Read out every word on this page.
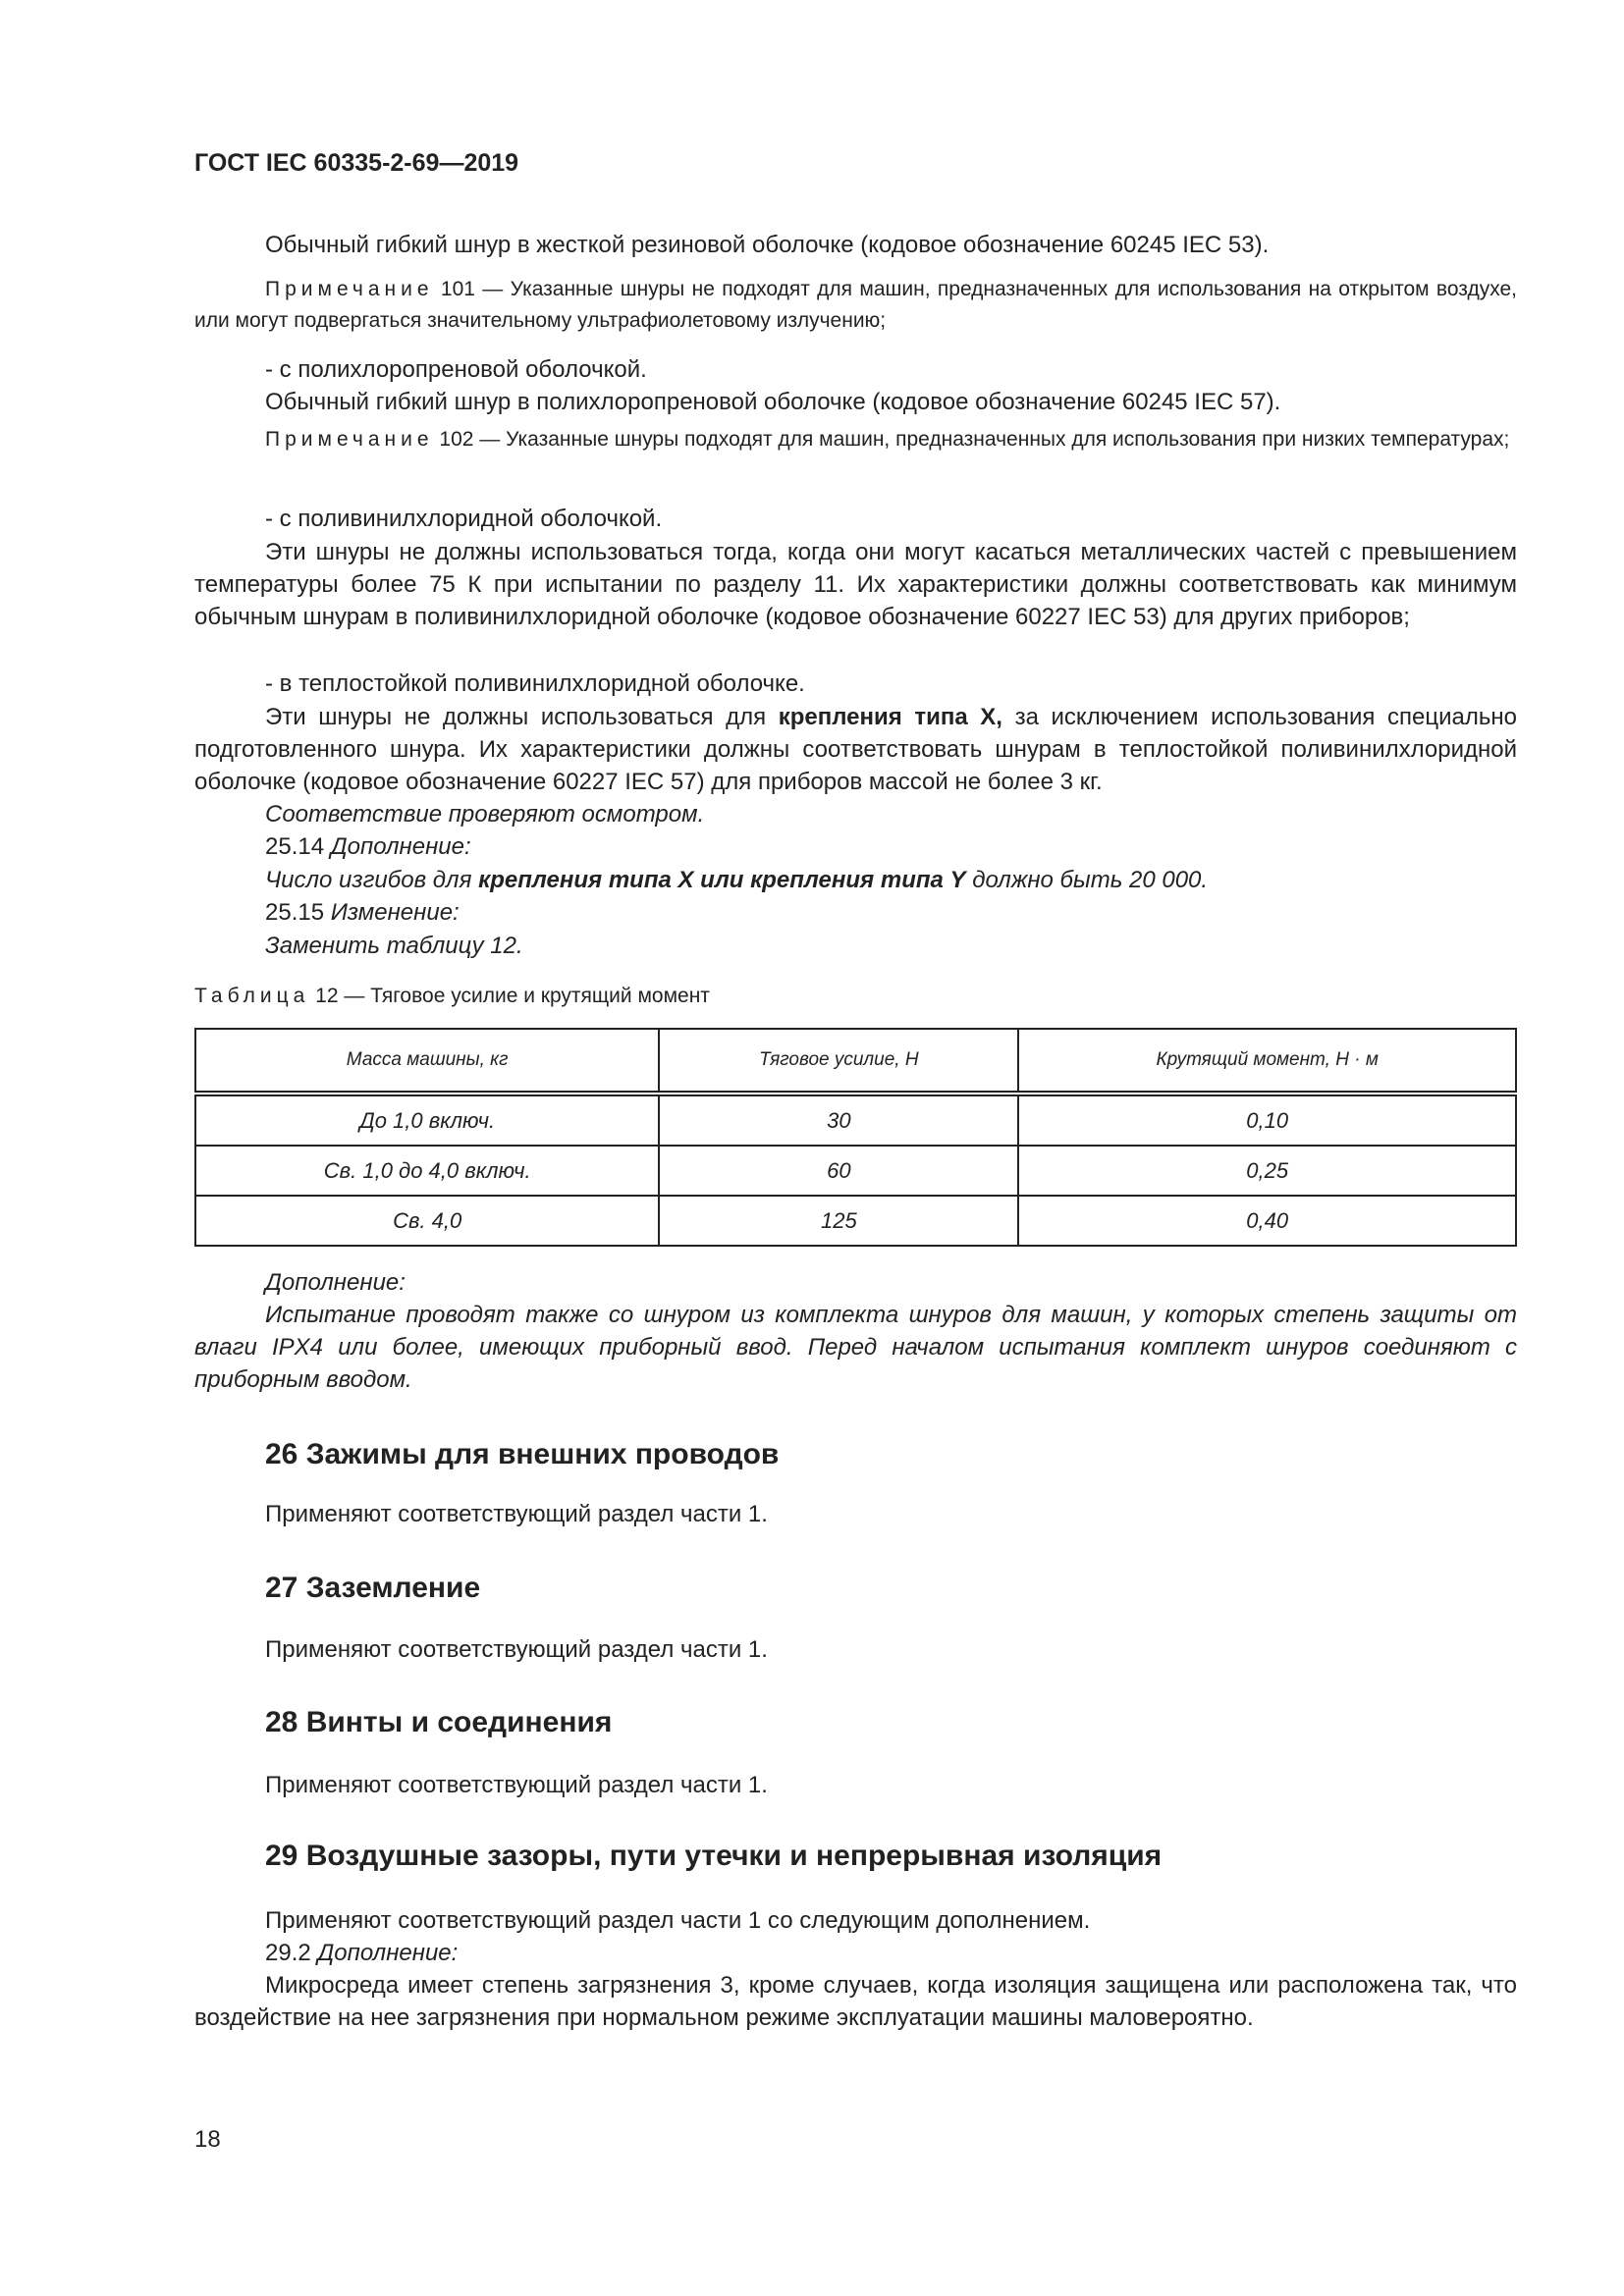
ГОСТ IEC 60335-2-69—2019
Обычный гибкий шнур в жесткой резиновой оболочке (кодовое обозначение 60245 IEC 53).
Примечание 101 — Указанные шнуры не подходят для машин, предназначенных для использования на открытом воздухе, или могут подвергаться значительному ультрафиолетовому излучению;
- с полихлоропреновой оболочкой.
Обычный гибкий шнур в полихлоропреновой оболочке (кодовое обозначение 60245 IEC 57).
Примечание 102 — Указанные шнуры подходят для машин, предназначенных для использования при низких температурах;
- с поливинилхлоридной оболочкой.
Эти шнуры не должны использоваться тогда, когда они могут касаться металлических частей с превышением температуры более 75 К при испытании по разделу 11. Их характеристики должны соответствовать как минимум обычным шнурам в поливинилхлоридной оболочке (кодовое обозначение 60227 IEC 53) для других приборов;
- в теплостойкой поливинилхлоридной оболочке.
Эти шнуры не должны использоваться для крепления типа X, за исключением использования специально подготовленного шнура. Их характеристики должны соответствовать шнурам в теплостойкой поливинилхлоридной оболочке (кодовое обозначение 60227 IEC 57) для приборов массой не более 3 кг.
Соответствие проверяют осмотром.
25.14 Дополнение:
Число изгибов для крепления типа X или крепления типа Y должно быть 20 000.
25.15 Изменение:
Заменить таблицу 12.
Таблица 12 — Тяговое усилие и крутящий момент
Масса машины, кг	Тяговое усилие, Н	Крутящий момент, Н · м
До 1,0 включ.	30	0,10
Св. 1,0 до 4,0 включ.	60	0,25
Св. 4,0	125	0,40
Дополнение:
Испытание проводят также со шнуром из комплекта шнуров для машин, у которых степень защиты от влаги IPX4 или более, имеющих приборный ввод. Перед началом испытания комплект шнуров соединяют с приборным вводом.
26 Зажимы для внешних проводов
Применяют соответствующий раздел части 1.
27 Заземление
Применяют соответствующий раздел части 1.
28 Винты и соединения
Применяют соответствующий раздел части 1.
29 Воздушные зазоры, пути утечки и непрерывная изоляция
Применяют соответствующий раздел части 1 со следующим дополнением.
29.2 Дополнение:
Микросреда имеет степень загрязнения 3, кроме случаев, когда изоляция защищена или расположена так, что воздействие на нее загрязнения при нормальном режиме эксплуатации машины маловероятно.
18
